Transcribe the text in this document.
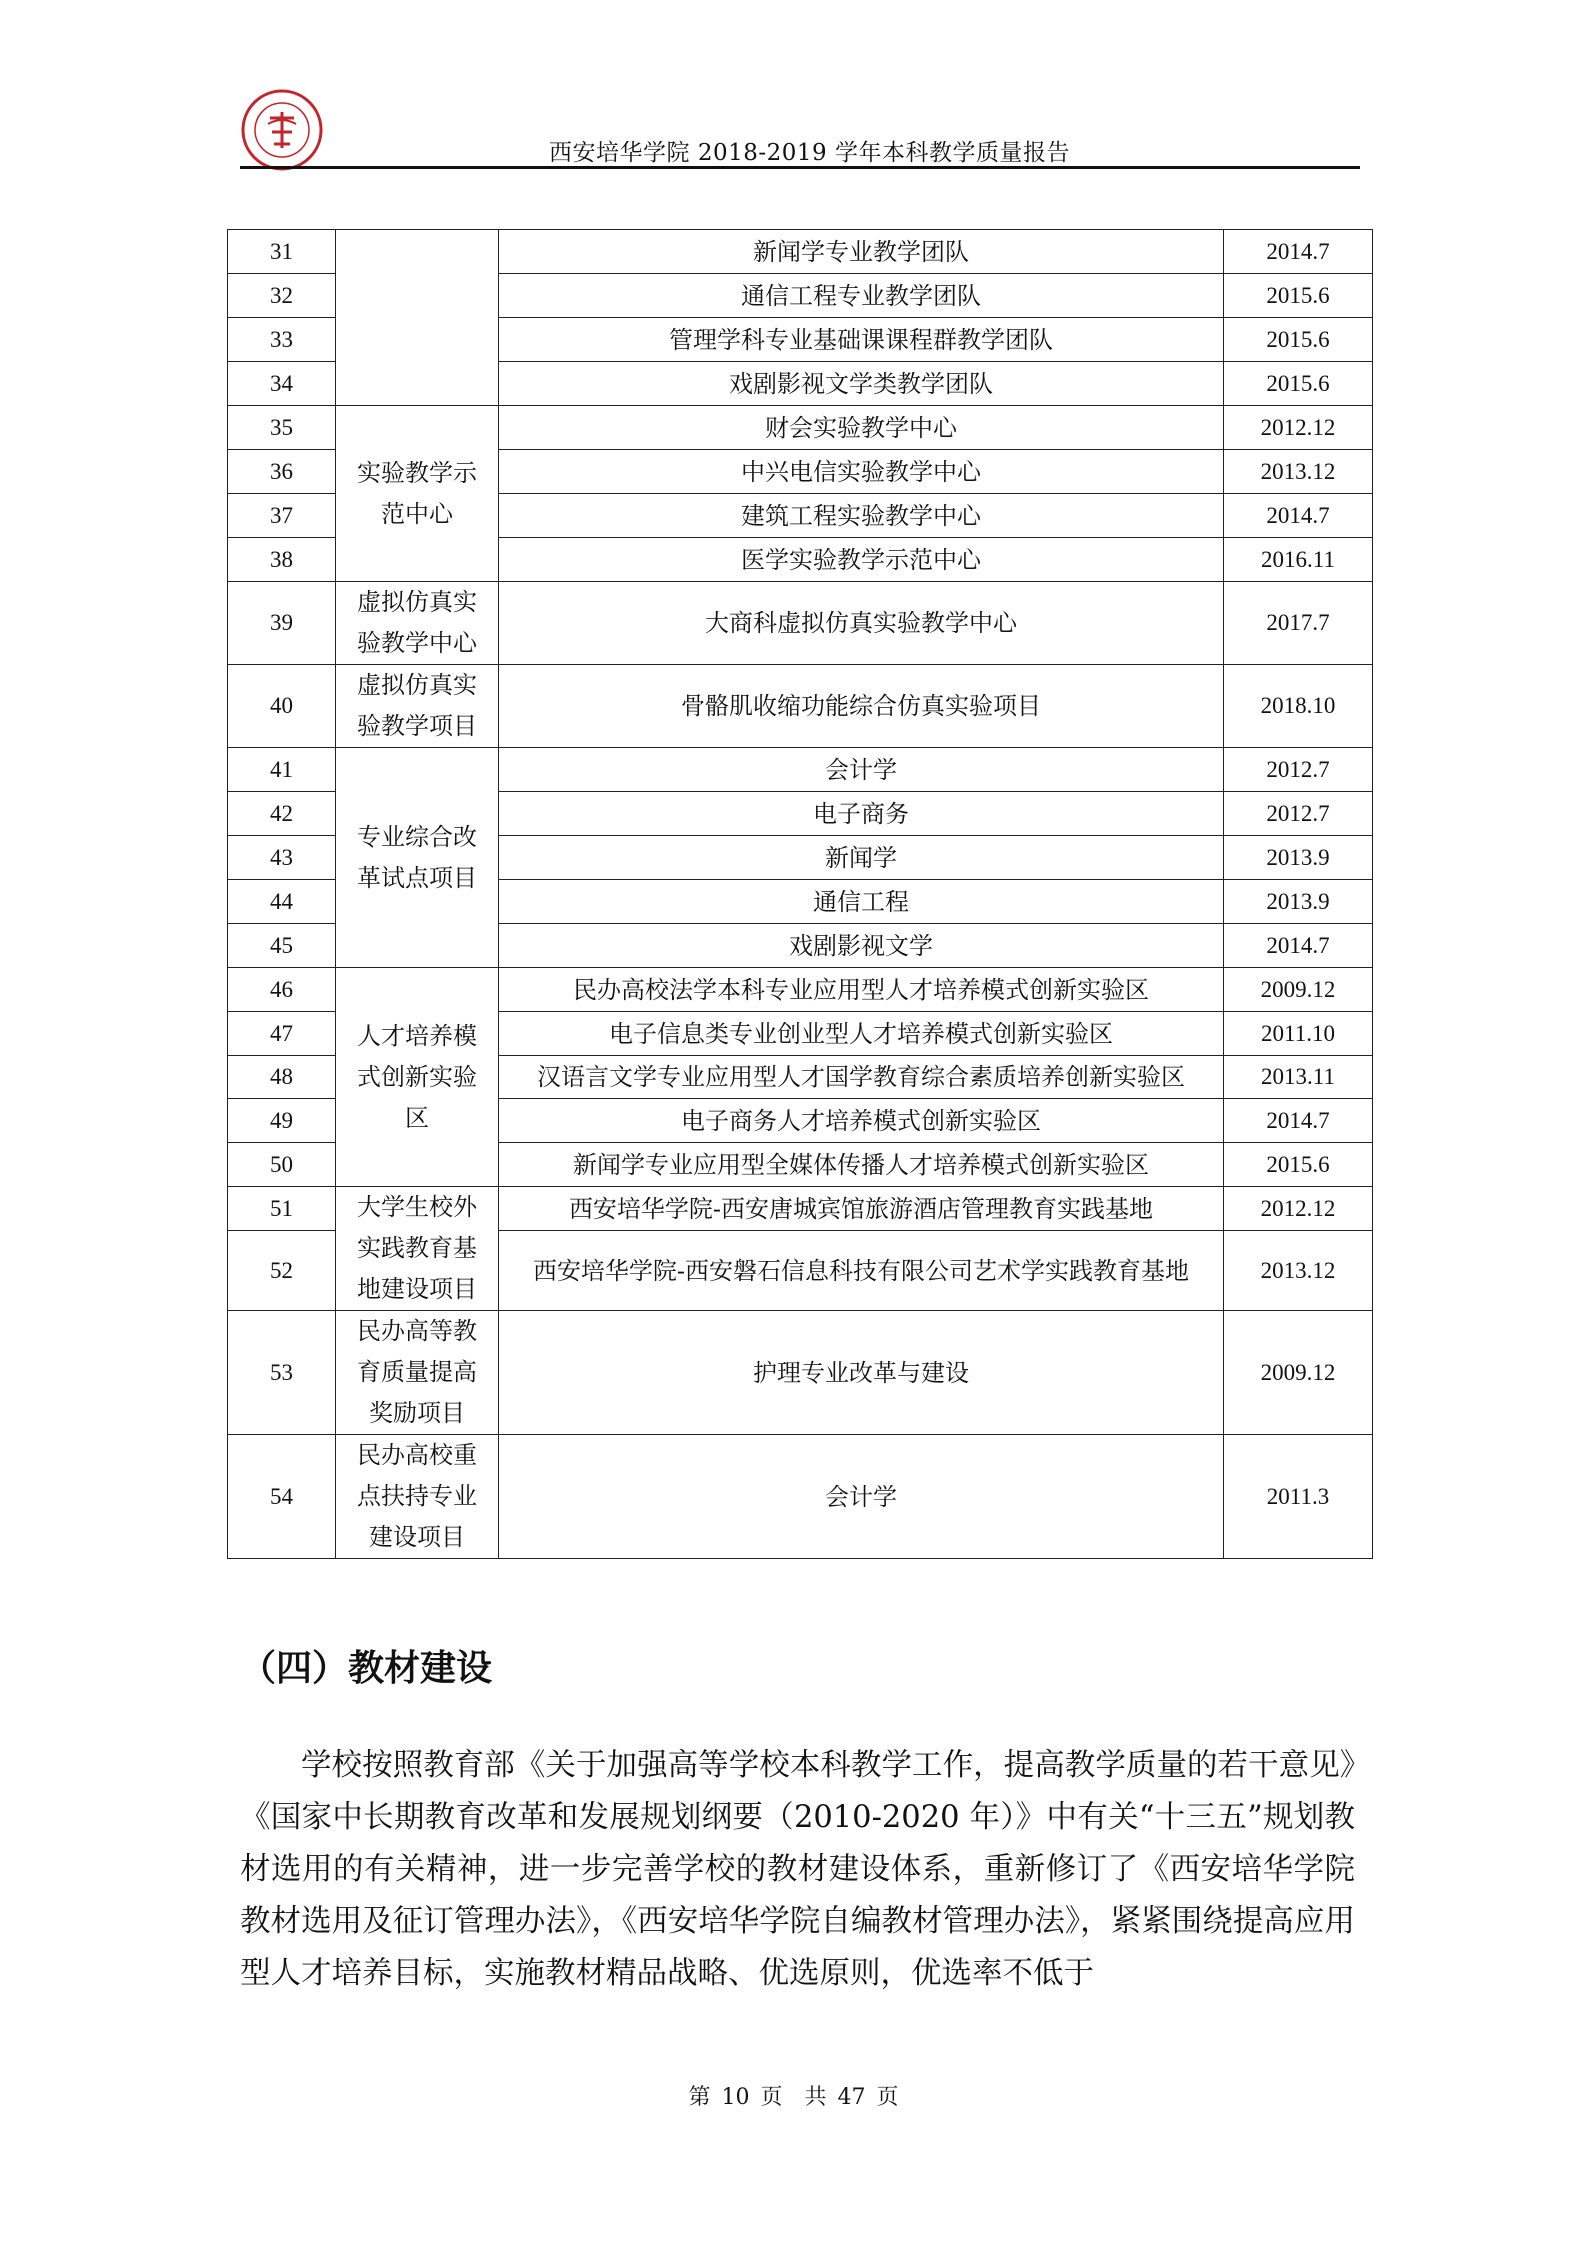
西安培华学院 2018-2019 学年本科教学质量报告
31		新闻学专业教学团队	2014.7
32		通信工程专业教学团队	2015.6
33		管理学科专业基础课课程群教学团队	2015.6
34		戏剧影视文学类教学团队	2015.6
35	实验教学示范中心	财会实验教学中心	2012.12
36		中兴电信实验教学中心	2013.12
37		建筑工程实验教学中心	2014.7
38		医学实验教学示范中心	2016.11
39	虚拟仿真实验教学中心	大商科虚拟仿真实验教学中心	2017.7
40	虚拟仿真实验教学项目	骨骼肌收缩功能综合仿真实验项目	2018.10
41	专业综合改革试点项目	会计学	2012.7
42		电子商务	2012.7
43		新闻学	2013.9
44		通信工程	2013.9
45		戏剧影视文学	2014.7
46	人才培养模式创新实验区	民办高校法学本科专业应用型人才培养模式创新实验区	2009.12
47		电子信息类专业创业型人才培养模式创新实验区	2011.10
48		汉语言文学专业应用型人才国学教育综合素质培养创新实验区	2013.11
49		电子商务人才培养模式创新实验区	2014.7
50		新闻学专业应用型全媒体传播人才培养模式创新实验区	2015.6
51	大学生校外实践教育基地建设项目	西安培华学院-西安唐城宾馆旅游酒店管理教育实践基地	2012.12
52		西安培华学院-西安磐石信息科技有限公司艺术学实践教育基地	2013.12
53	民办高等教育质量提高奖励项目	护理专业改革与建设	2009.12
54	民办高校重点扶持专业建设项目	会计学	2011.3
（四）教材建设
学校按照教育部《关于加强高等学校本科教学工作，提高教学质量的若干意见》《国家中长期教育改革和发展规划纲要（2010-2020 年）》中有关“十三五”规划教材选用的有关精神，进一步完善学校的教材建设体系，重新修订了《西安培华学院教材选用及征订管理办法》，《西安培华学院自编教材管理办法》，紧紧围绕提高应用型人才培养目标，实施教材精品战略、优选原则，优选率不低于
第 10 页　共 47 页
